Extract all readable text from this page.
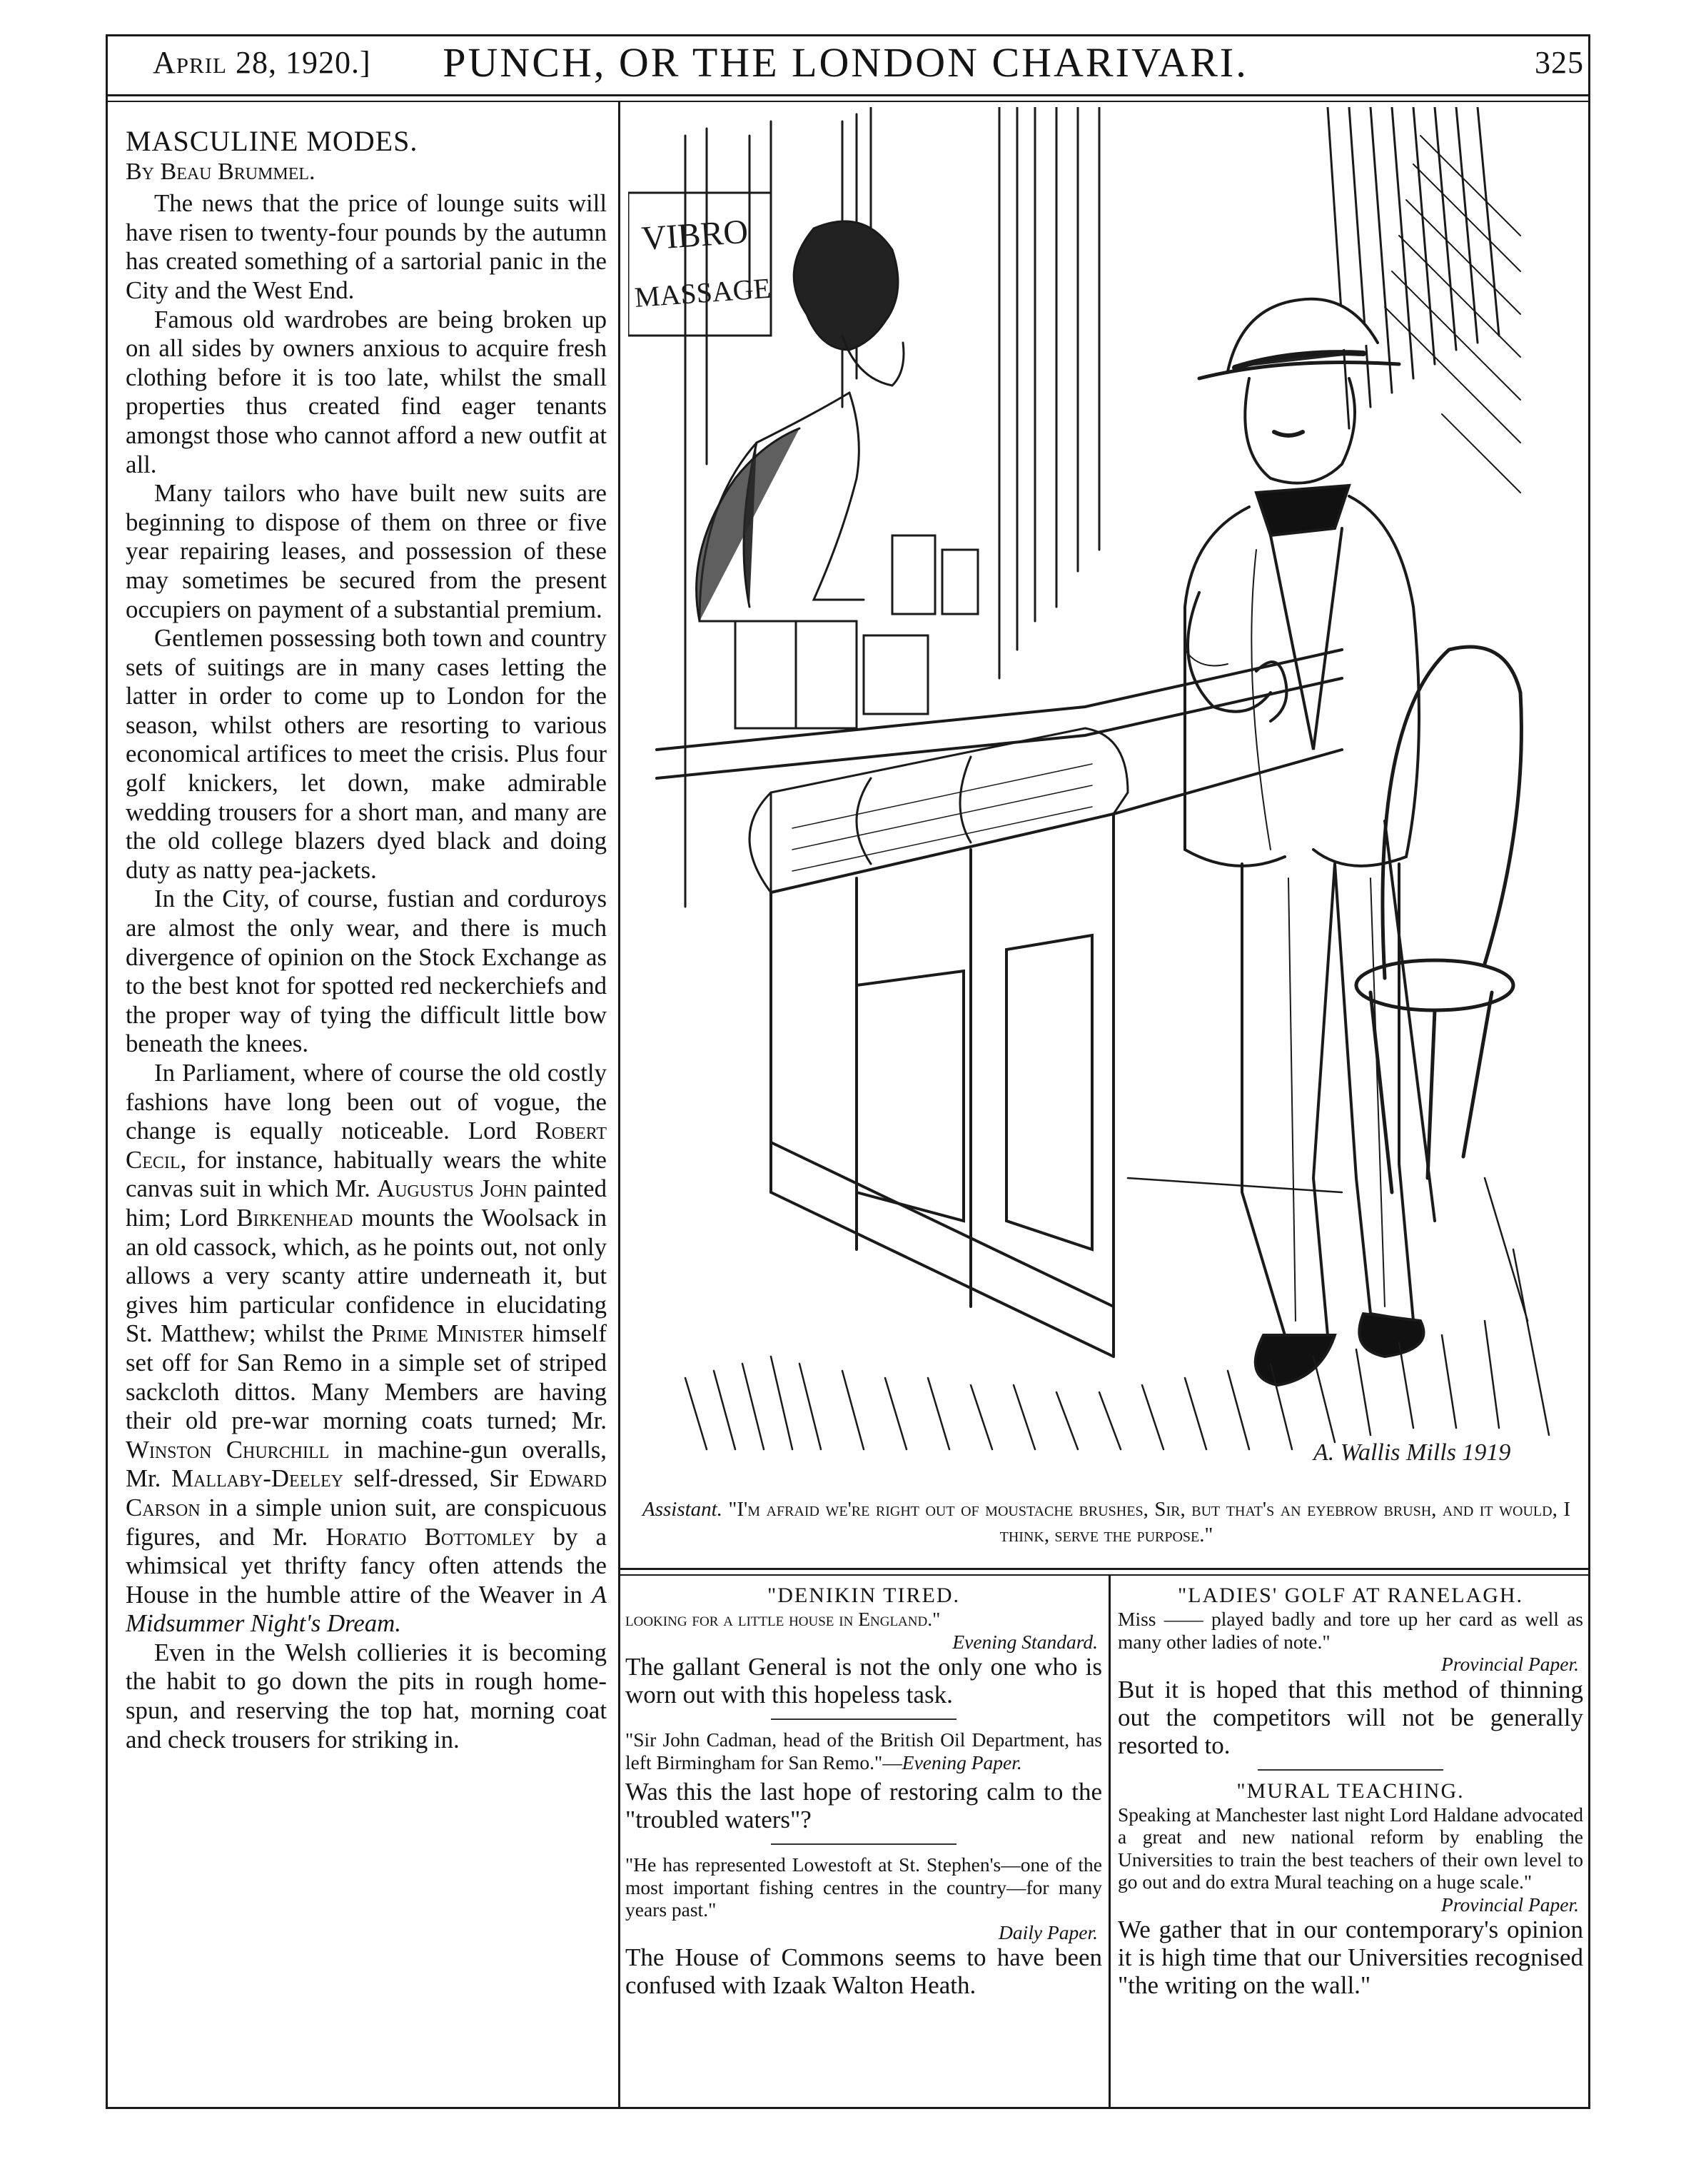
April 28, 1920.]	PUNCH, OR THE LONDON CHARIVARI.	325

MASCULINE MODES.

By Beau Brummel.

The news that the price of lounge suits will have risen to twenty-four pounds by the autumn has created something of a sartorial panic in the City and the West End.

Famous old wardrobes are being broken up on all sides by owners anxious to acquire fresh clothing before it is too late, whilst the small properties thus created find eager tenants amongst those who cannot afford a new outfit at all.

Many tailors who have built new suits are beginning to dispose of them on three or five year repairing leases, and possession of these may sometimes be secured from the present occupiers on payment of a substantial premium.

Gentlemen possessing both town and country sets of suitings are in many cases letting the latter in order to come up to London for the season, whilst others are resorting to various economical artifices to meet the crisis. Plus four golf knickers, let down, make admirable wedding trousers for a short man, and many are the old college blazers dyed black and doing duty as natty pea-jackets.

In the City, of course, fustian and corduroys are almost the only wear, and there is much divergence of opinion on the Stock Exchange as to the best knot for spotted red neckerchiefs and the proper way of tying the difficult little bow beneath the knees.

In Parliament, where of course the old costly fashions have long been out of vogue, the change is equally noticeable. Lord Robert Cecil, for instance, habitually wears the white canvas suit in which Mr. Augustus John painted him; Lord Birkenhead mounts the Woolsack in an old cassock, which, as he points out, not only allows a very scanty attire underneath it, but gives him particular confidence in elucidating St. Matthew; whilst the Prime Minister himself set off for San Remo in a simple set of striped sackcloth dittos. Many Members are having their old pre-war morning coats turned; Mr. Winston Churchill in machine-gun overalls, Mr. Mallaby-Deeley self-dressed, Sir Edward Carson in a simple union suit, are conspicuous figures, and Mr. Horatio Bottomley by a whimsical yet thrifty fancy often attends the House in the humble attire of the Weaver in A Midsummer Night's Dream.

Even in the Welsh collieries it is becoming the habit to go down the pits in rough home-spun, and reserving the top hat, morning coat and check trousers for striking in.

VIBRO
MASSAGE
A. Wallis Mills 1919
Assistant. "I'm afraid we're right out of moustache brushes, Sir, but that's an eyebrow brush, and it would, I think, serve the purpose."
"DENIKIN TIRED.
looking for a little house in England."
Evening Standard.
The gallant General is not the only one who is worn out with this hopeless task.
"Sir John Cadman, head of the British Oil Department, has left Birmingham for San Remo."—Evening Paper.
Was this the last hope of restoring calm to the "troubled waters"?
"He has represented Lowestoft at St. Stephen's—one of the most important fishing centres in the country—for many years past."
Daily Paper.
The House of Commons seems to have been confused with Izaak Walton Heath.
"LADIES' GOLF AT RANELAGH.
Miss —— played badly and tore up her card as well as many other ladies of note."
Provincial Paper.
But it is hoped that this method of thinning out the competitors will not be generally resorted to.
"MURAL TEACHING.
Speaking at Manchester last night Lord Haldane advocated a great and new national reform by enabling the Universities to train the best teachers of their own level to go out and do extra Mural teaching on a huge scale."
Provincial Paper.
We gather that in our contemporary's opinion it is high time that our Universities recognised "the writing on the wall."
